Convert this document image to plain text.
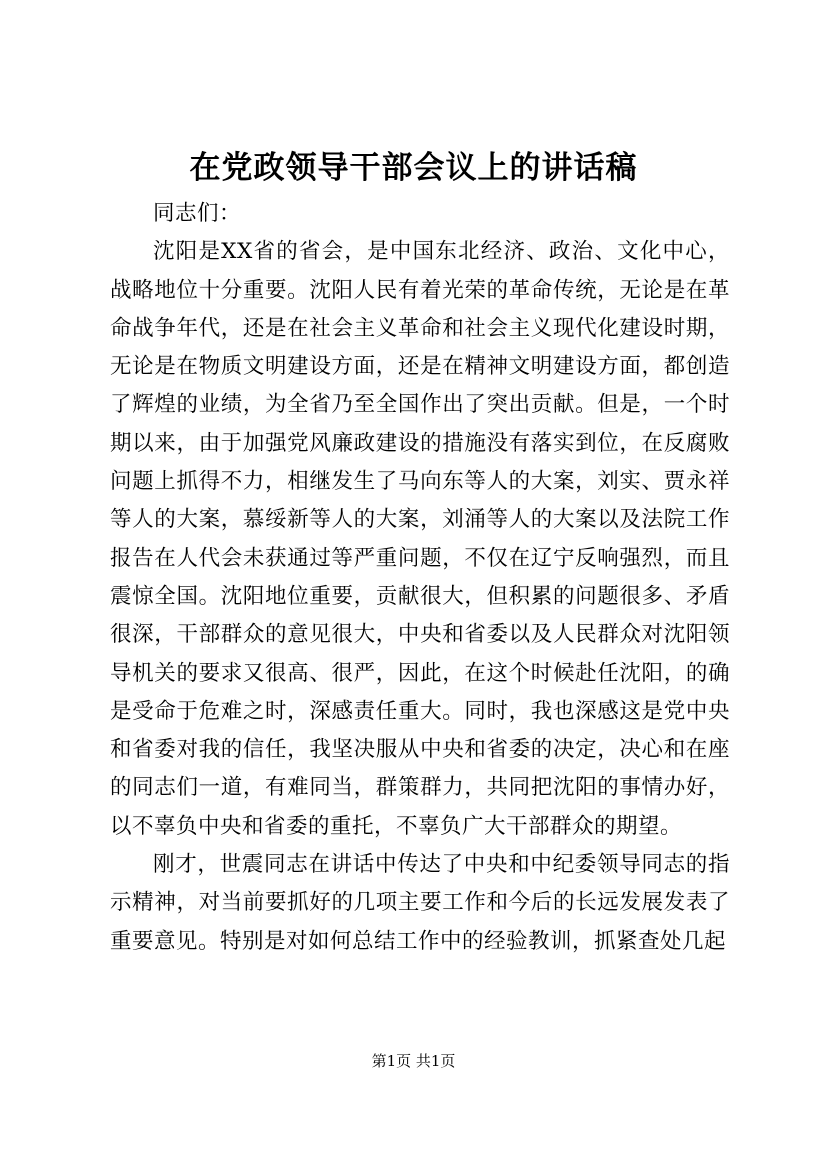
在党政领导干部会议上的讲话稿

同志们：

沈阳是XX省的省会，是中国东北经济、政治、文化中心，战略地位十分重要。沈阳人民有着光荣的革命传统，无论是在革命战争年代，还是在社会主义革命和社会主义现代化建设时期，无论是在物质文明建设方面，还是在精神文明建设方面，都创造了辉煌的业绩，为全省乃至全国作出了突出贡献。但是，一个时期以来，由于加强党风廉政建设的措施没有落实到位，在反腐败问题上抓得不力，相继发生了马向东等人的大案，刘实、贾永祥等人的大案，慕绥新等人的大案，刘涌等人的大案以及法院工作报告在人代会未获通过等严重问题，不仅在辽宁反响强烈，而且震惊全国。沈阳地位重要，贡献很大，但积累的问题很多、矛盾很深，干部群众的意见很大，中央和省委以及人民群众对沈阳领导机关的要求又很高、很严，因此，在这个时候赴任沈阳，的确是受命于危难之时，深感责任重大。同时，我也深感这是党中央和省委对我的信任，我坚决服从中央和省委的决定，决心和在座的同志们一道，有难同当，群策群力，共同把沈阳的事情办好，以不辜负中央和省委的重托，不辜负广大干部群众的期望。

刚才，世震同志在讲话中传达了中央和中纪委领导同志的指示精神，对当前要抓好的几项主要工作和今后的长远发展发表了重要意见。特别是对如何总结工作中的经验教训，抓紧查处几起

第1页 共1页
